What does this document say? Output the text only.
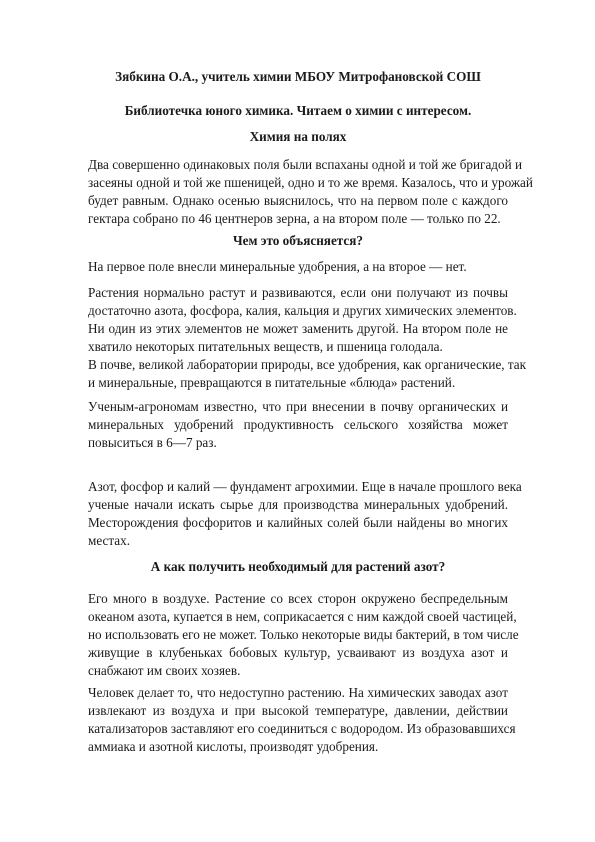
Зябкина О.А., учитель химии МБОУ Митрофановской СОШ
Библиотечка юного химика. Читаем о химии с интересом.
Химия на полях
Два совершенно одинаковых поля были вспаханы одной и той же бригадой и
засеяны одной и той же пшеницей, одно и то же время. Казалось, что и урожай
будет равным. Однако осенью выяснилось, что на первом поле с каждого
гектара собрано по 46 центнеров зерна, а на втором поле — только по 22.
Чем это объясняется?
На первое поле внесли минеральные удобрения, а на второе — нет.
Растения нормально растут и развиваются, если они получают из почвы
достаточно азота, фосфора, калия, кальция и других химических элементов.
Ни один из этих элементов не может заменить другой. На втором поле не
хватило некоторых питательных веществ, и пшеница голодала.
В почве, великой лаборатории природы, все удобрения, как органические, так
и минеральные, превращаются в питательные «блюда» растений.
Ученым-агрономам известно, что при внесении в почву органических и
минеральных удобрений продуктивность сельского хозяйства может
повыситься в 6—7 раз.
Азот, фосфор и калий — фундамент агрохимии. Еще в начале прошлого века
ученые начали искать сырье для производства минеральных удобрений.
Месторождения фосфоритов и калийных солей были найдены во многих
местах.
А как получить необходимый для растений азот?
Его много в воздухе. Растение со всех сторон окружено беспредельным
океаном азота, купается в нем, соприкасается с ним каждой своей частицей,
но использовать его не может. Только некоторые виды бактерий, в том числе
живущие в клубеньках бобовых культур, усваивают из воздуха азот и
снабжают им своих хозяев.
Человек делает то, что недоступно растению. На химических заводах азот
извлекают из воздуха и при высокой температуре, давлении, действии
катализаторов заставляют его соединиться с водородом. Из образовавшихся
аммиака и азотной кислоты, производят удобрения.
